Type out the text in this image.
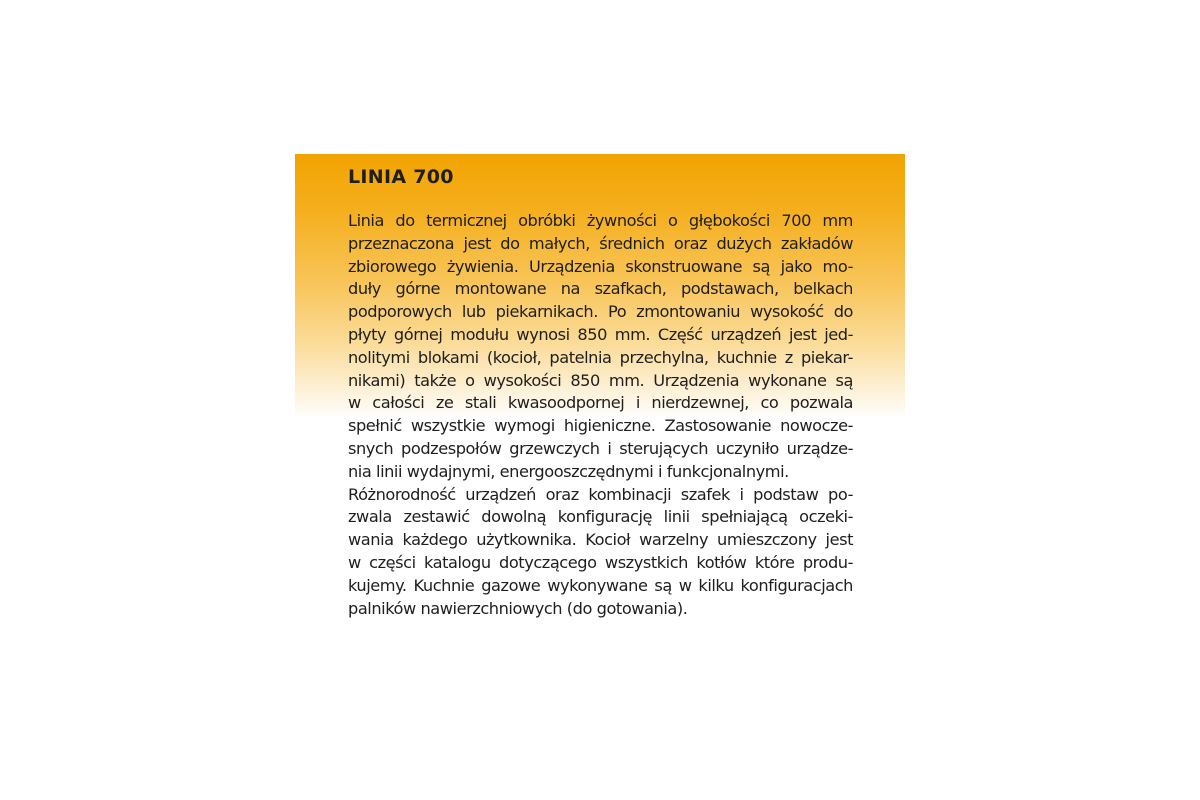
LINIA 700
Linia do termicznej obróbki żywności o głębokości 700 mm
przeznaczona jest do małych, średnich oraz dużych zakładów
zbiorowego żywienia. Urządzenia skonstruowane są jako mo-
duły górne montowane na szafkach, podstawach, belkach
podporowych lub piekarnikach. Po zmontowaniu wysokość do
płyty górnej modułu wynosi 850 mm. Część urządzeń jest jed-
nolitymi blokami (kocioł, patelnia przechylna, kuchnie z piekar-
nikami) także o wysokości 850 mm. Urządzenia wykonane są
w całości ze stali kwasoodpornej i nierdzewnej, co pozwala
spełnić wszystkie wymogi higieniczne. Zastosowanie nowocze-
snych podzespołów grzewczych i sterujących uczyniło urządze-
nia linii wydajnymi, energooszczędnymi i funkcjonalnymi.
Różnorodność urządzeń oraz kombinacji szafek i podstaw po-
zwala zestawić dowolną konfigurację linii spełniającą oczeki-
wania każdego użytkownika. Kocioł warzelny umieszczony jest
w części katalogu dotyczącego wszystkich kotłów które produ-
kujemy. Kuchnie gazowe wykonywane są w kilku konfiguracjach
palników nawierzchniowych (do gotowania).
